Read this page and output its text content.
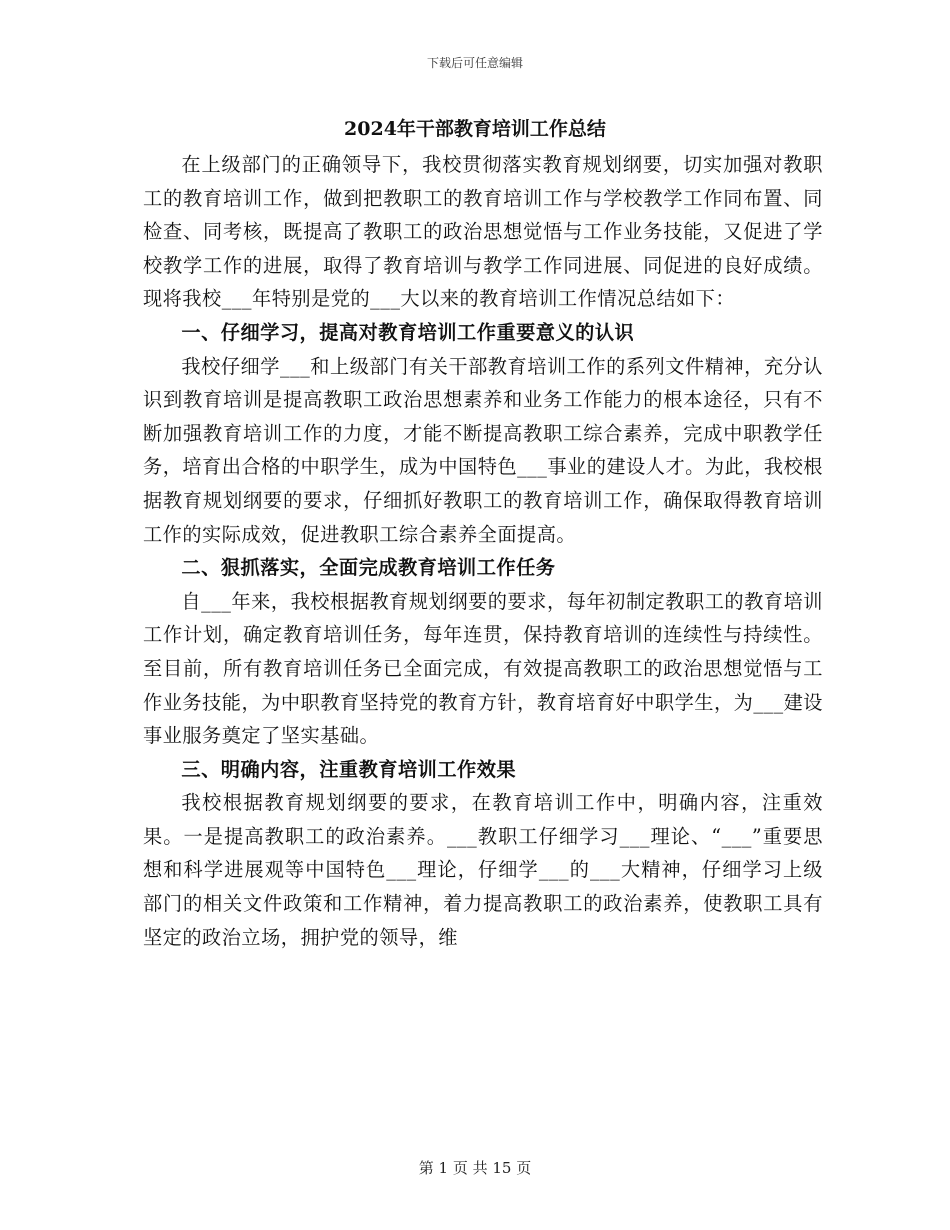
下载后可任意编辑
2024年干部教育培训工作总结

在上级部门的正确领导下，我校贯彻落实教育规划纲要，切实加强对教职工的教育培训工作，做到把教职工的教育培训工作与学校教学工作同布置、同检查、同考核，既提高了教职工的政治思想觉悟与工作业务技能，又促进了学校教学工作的进展，取得了教育培训与教学工作同进展、同促进的良好成绩。现将我校___年特别是党的___大以来的教育培训工作情况总结如下：

一、仔细学习，提高对教育培训工作重要意义的认识

我校仔细学___和上级部门有关干部教育培训工作的系列文件精神，充分认识到教育培训是提高教职工政治思想素养和业务工作能力的根本途径，只有不断加强教育培训工作的力度，才能不断提高教职工综合素养，完成中职教学任务，培育出合格的中职学生，成为中国特色___事业的建设人才。为此，我校根据教育规划纲要的要求，仔细抓好教职工的教育培训工作，确保取得教育培训工作的实际成效，促进教职工综合素养全面提高。

二、狠抓落实，全面完成教育培训工作任务

自___年来，我校根据教育规划纲要的要求，每年初制定教职工的教育培训工作计划，确定教育培训任务，每年连贯，保持教育培训的连续性与持续性。至目前，所有教育培训任务已全面完成，有效提高教职工的政治思想觉悟与工作业务技能，为中职教育坚持党的教育方针，教育培育好中职学生，为___建设事业服务奠定了坚实基础。

三、明确内容，注重教育培训工作效果

我校根据教育规划纲要的要求，在教育培训工作中，明确内容，注重效果。一是提高教职工的政治素养。___教职工仔细学习___理论、“___”重要思想和科学进展观等中国特色___理论，仔细学___的___大精神，仔细学习上级部门的相关文件政策和工作精神，着力提高教职工的政治素养，使教职工具有坚定的政治立场，拥护党的领导，维

第 1 页 共 15 页
